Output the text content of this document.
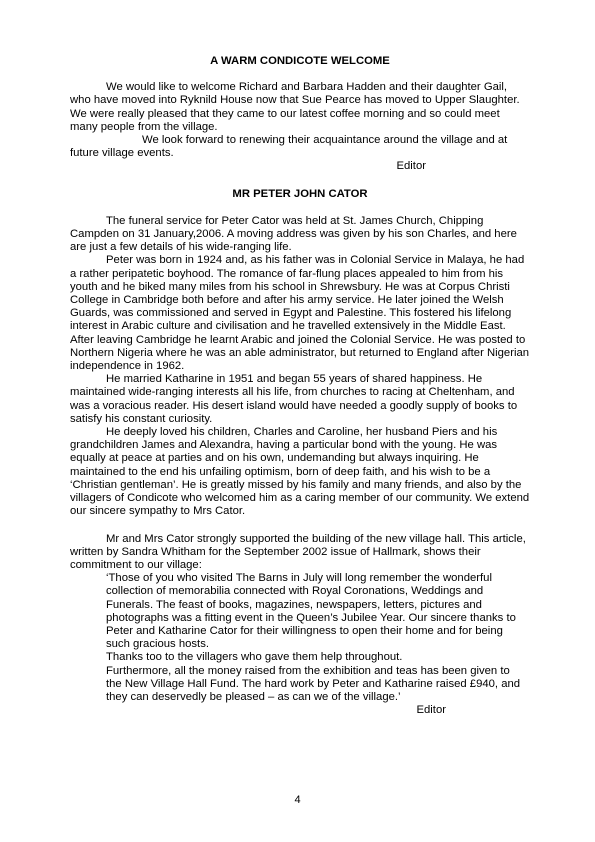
A WARM CONDICOTE WELCOME

We would like to welcome Richard and Barbara Hadden and their daughter Gail, who have moved into Ryknild House now that Sue Pearce has moved to Upper Slaughter. We were really pleased that they came to our latest coffee morning and so could meet many people from the village.

We look forward to renewing their acquaintance around the village and at future village events.

Editor

MR PETER JOHN CATOR

The funeral service for Peter Cator was held at St. James Church, Chipping Campden on 31 January,2006. A moving address was given by his son Charles, and here are just a few details of his wide-ranging life.

Peter was born in 1924 and, as his father was in Colonial Service in Malaya, he had a rather peripatetic boyhood. The romance of far-flung places appealed to him from his youth and he biked many miles from his school in Shrewsbury. He was at Corpus Christi College in Cambridge both before and after his army service. He later joined the Welsh Guards, was commissioned and served in Egypt and Palestine. This fostered his lifelong interest in Arabic culture and civilisation and he travelled extensively in the Middle East. After leaving Cambridge he learnt Arabic and joined the Colonial Service. He was posted to Northern Nigeria where he was an able administrator, but returned to England after Nigerian independence in 1962.

He married Katharine in 1951 and began 55 years of shared happiness. He maintained wide-ranging interests all his life, from churches to racing at Cheltenham, and was a voracious reader. His desert island would have needed a goodly supply of books to satisfy his constant curiosity.

He deeply loved his children, Charles and Caroline, her husband Piers and his grandchildren James and Alexandra, having a particular bond with the young. He was equally at peace at parties and on his own, undemanding but always inquiring. He maintained to the end his unfailing optimism, born of deep faith, and his wish to be a ‘Christian gentleman’. He is greatly missed by his family and many friends, and also by the villagers of Condicote who welcomed him as a caring member of our community. We extend our sincere sympathy to Mrs Cator.

Mr and Mrs Cator strongly supported the building of the new village hall. This article, written by Sandra Whitham for the September 2002 issue of Hallmark, shows their commitment to our village:

‘Those of you who visited The Barns in July will long remember the wonderful collection of memorabilia connected with Royal Coronations, Weddings and Funerals. The feast of books, magazines, newspapers, letters, pictures and photographs was a fitting event in the Queen’s Jubilee Year. Our sincere thanks to Peter and Katharine Cator for their willingness to open their home and for being such gracious hosts.

Thanks too to the villagers who gave them help throughout.

Furthermore, all the money raised from the exhibition and teas has been given to the New Village Hall Fund. The hard work by Peter and Katharine raised £940, and they can deservedly be pleased – as can we of the village.’

Editor

4
